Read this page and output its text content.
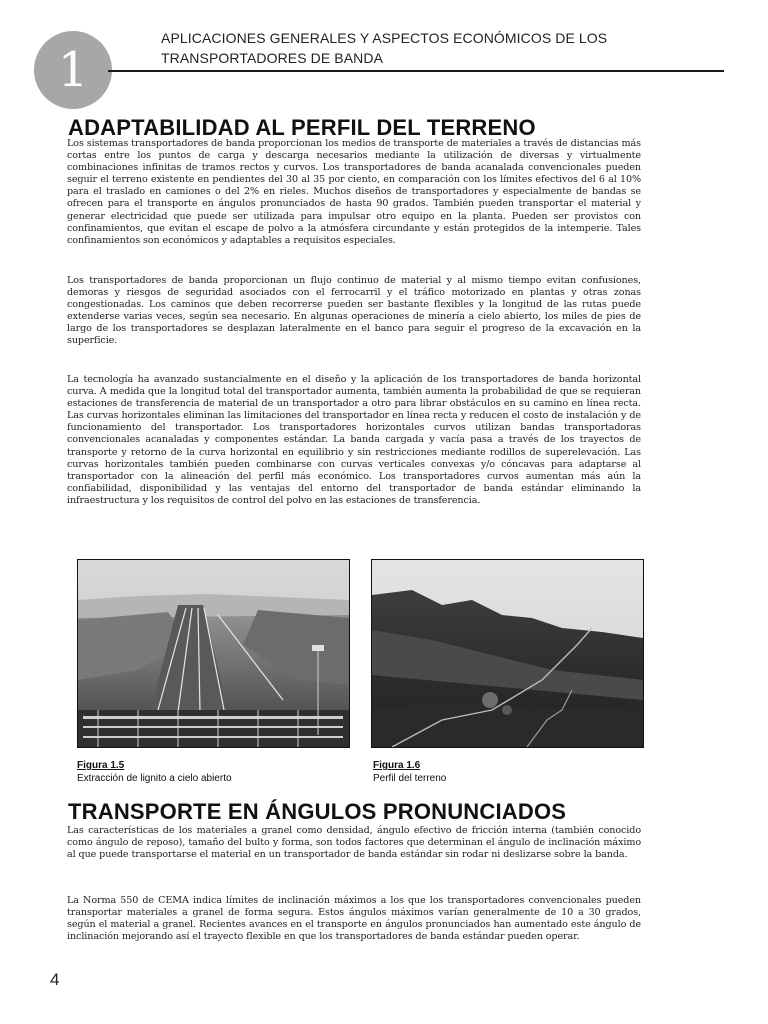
1
APLICACIONES GENERALES Y ASPECTOS ECONÓMICOS DE LOS TRANSPORTADORES DE BANDA
ADAPTABILIDAD AL PERFIL DEL TERRENO

Los sistemas transportadores de banda proporcionan los medios de transporte de materiales a través de distancias más cortas entre los puntos de carga y descarga necesarios mediante la utilización de diversas y virtualmente combinaciones infinitas de tramos rectos y curvos. Los transportadores de banda acanalada convencionales pueden seguir el terreno existente en pendientes del 30 al 35 por ciento, en comparación con los límites efectivos del 6 al 10% para el traslado en camiones o del 2% en rieles. Muchos diseños de transportadores y especialmente de bandas se ofrecen para el transporte en ángulos pronunciados de hasta 90 grados. También pueden transportar el material y generar electricidad que puede ser utilizada para impulsar otro equipo en la planta. Pueden ser provistos con confinamientos, que evitan el escape de polvo a la atmósfera circundante y están protegidos de la intemperie. Tales confinamientos son económicos y adaptables a requisitos especiales.

Los transportadores de banda proporcionan un flujo continuo de material y al mismo tiempo evitan confusiones, demoras y riesgos de seguridad asociados con el ferrocarril y el tráfico motorizado en plantas y otras zonas congestionadas. Los caminos que deben recorrerse pueden ser bastante flexibles y la longitud de las rutas puede extenderse varias veces, según sea necesario. En algunas operaciones de minería a cielo abierto, los miles de pies de largo de los transportadores se desplazan lateralmente en el banco para seguir el progreso de la excavación en la superficie.

La tecnología ha avanzado sustancialmente en el diseño y la aplicación de los transportadores de banda horizontal curva. A medida que la longitud total del transportador aumenta, también aumenta la probabilidad de que se requieran estaciones de transferencia de material de un transportador a otro para librar obstáculos en su camino en línea recta. Las curvas horizontales eliminan las limitaciones del transportador en línea recta y reducen el costo de instalación y de funcionamiento del transportador. Los transportadores horizontales curvos utilizan bandas transportadoras convencionales acanaladas y componentes estándar. La banda cargada y vacía pasa a través de los trayectos de transporte y retorno de la curva horizontal en equilibrio y sin restricciones mediante rodillos de superelevación. Las curvas horizontales también pueden combinarse con curvas verticales convexas y/o cóncavas para adaptarse al transportador con la alineación del perfil más económico. Los transportadores curvos aumentan más aún la confiabilidad, disponibilidad y las ventajas del entorno del transportador de banda estándar eliminando la infraestructura y los requisitos de control del polvo en las estaciones de transferencia.

Figura 1.5
Extracción de lignito a cielo abierto
Figura 1.6
Perfil del terreno
TRANSPORTE EN ÁNGULOS PRONUNCIADOS

Las características de los materiales a granel como densidad, ángulo efectivo de fricción interna (también conocido como ángulo de reposo), tamaño del bulto y forma, son todos factores que determinan el ángulo de inclinación máximo al que puede transportarse el material en un transportador de banda estándar sin rodar ni deslizarse sobre la banda.

La Norma 550 de CEMA indica límites de inclinación máximos a los que los transportadores convencionales pueden transportar materiales a granel de forma segura. Estos ángulos máximos varían generalmente de 10 a 30 grados, según el material a granel. Recientes avances en el transporte en ángulos pronunciados han aumentado este ángulo de inclinación mejorando así el trayecto flexible en que los transportadores de banda estándar pueden operar.

4
